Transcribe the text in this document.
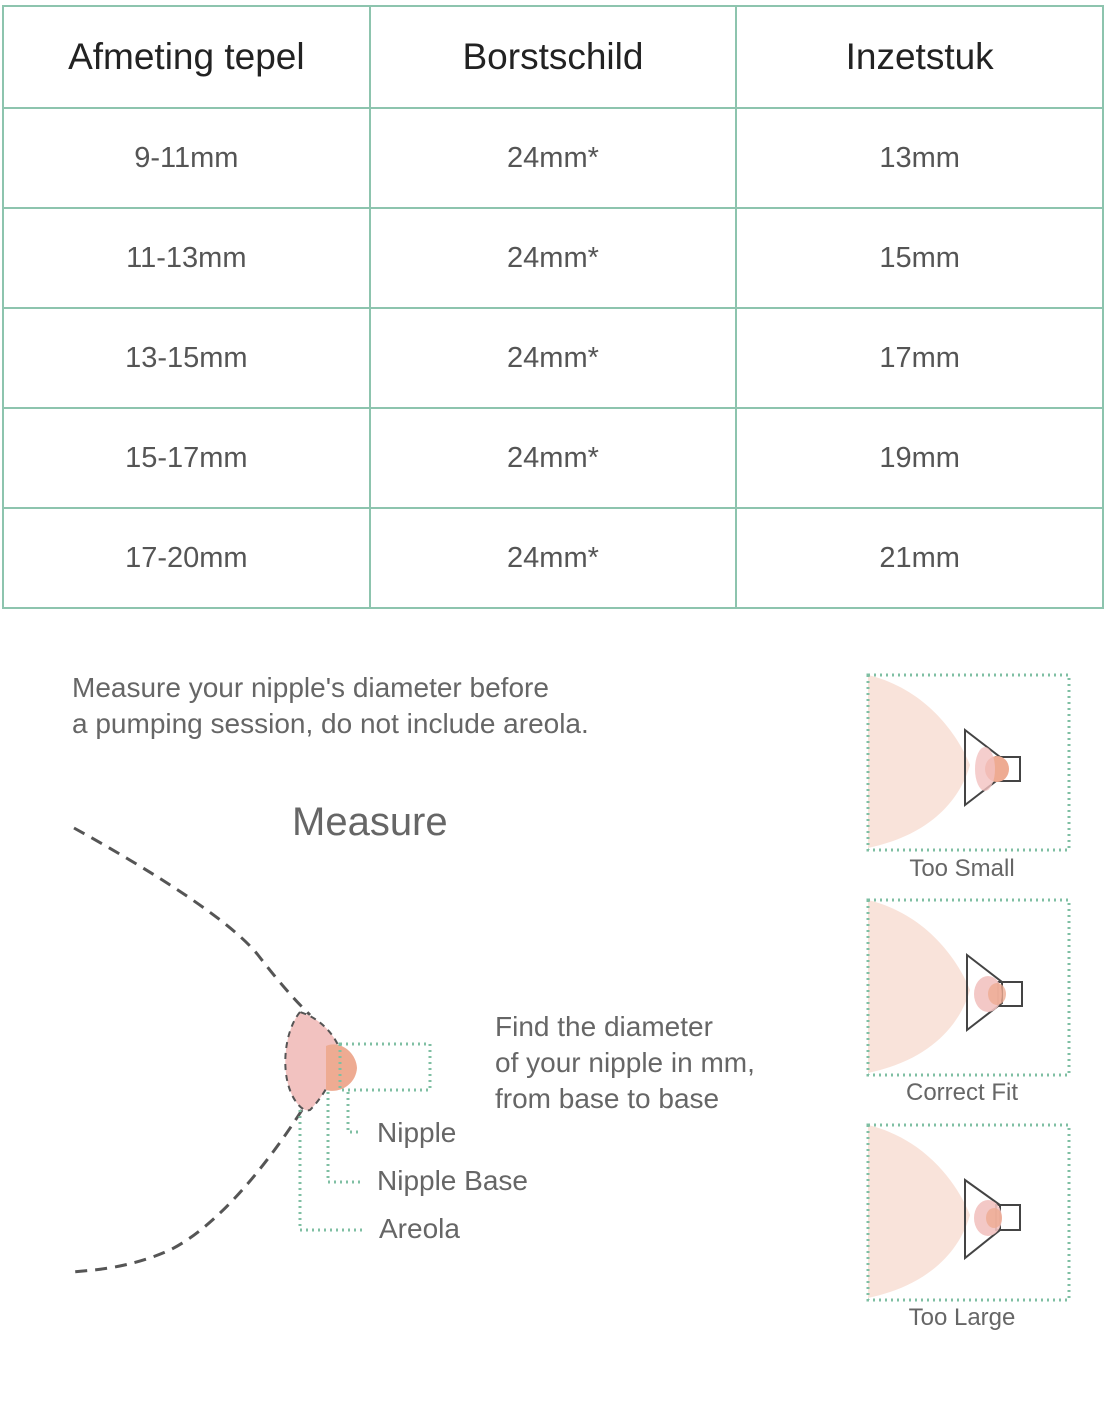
Afmeting tepel	Borstschild	Inzetstuk
9-11mm	24mm*	13mm
11-13mm	24mm*	15mm
13-15mm	24mm*	17mm
15-17mm	24mm*	19mm
17-20mm	24mm*	21mm
Measure your nipple's diameter before
a pumping session, do not include areola.
Measure
Find the diameter
of your nipple in mm,
from base to base
Nipple
Nipple Base
Areola
Too Small
Correct Fit
Too Large
